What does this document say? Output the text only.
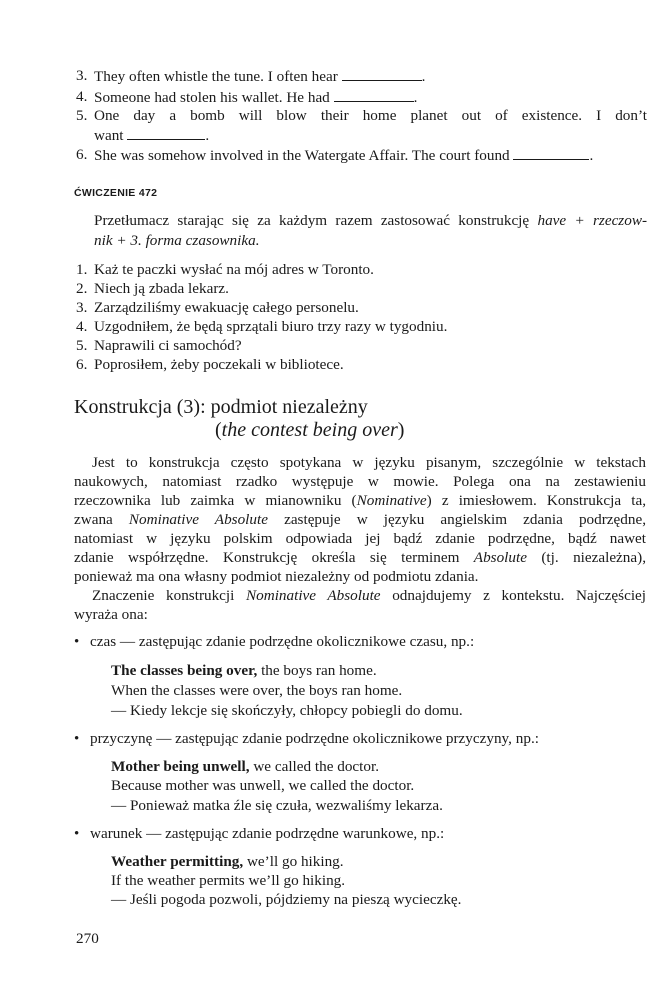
3. They often whistle the tune. I often hear	.
4. Someone had stolen his wallet. He had	.
5. One day a bomb will blow their home planet out of existence. I don’t
want	.
6. She was somehow involved in the Watergate Affair. The court found	.
ĆWICZENIE 472
Przetłumacz starając się za każdym razem zastosować konstrukcję have + rzeczow-
nik + 3. forma czasownika.
1. Każ te paczki wysłać na mój adres w Toronto.
2. Niech ją zbada lekarz.
3. Zarządziliśmy ewakuację całego personelu.
4. Uzgodniłem, że będą sprzątali biuro trzy razy w tygodniu.
5. Naprawili ci samochód?
6. Poprosiłem, żeby poczekali w bibliotece.
Konstrukcja (3): podmiot niezależny
(the contest being over)
Jest to konstrukcja często spotykana w języku pisanym, szczególnie w tekstach
naukowych, natomiast rzadko występuje w mowie. Polega ona na zestawieniu
rzeczownika lub zaimka w mianowniku (Nominative) z imiesłowem. Konstrukcja ta,
zwana Nominative Absolute zastępuje w języku angielskim zdania podrzędne,
natomiast w języku polskim odpowiada jej bądź zdanie podrzędne, bądź nawet
zdanie współrzędne. Konstrukcję określa się terminem Absolute (tj. niezależna),
ponieważ ma ona własny podmiot niezależny od podmiotu zdania.
Znaczenie konstrukcji Nominative Absolute odnajdujemy z kontekstu. Najczęściej
wyraża ona:
• czas — zastępując zdanie podrzędne okolicznikowe czasu, np.:
The classes being over, the boys ran home.
When the classes were over, the boys ran home.
— Kiedy lekcje się skończyły, chłopcy pobiegli do domu.
• przyczynę — zastępując zdanie podrzędne okolicznikowe przyczyny, np.:
Mother being unwell, we called the doctor.
Because mother was unwell, we called the doctor.
— Ponieważ matka źle się czuła, wezwaliśmy lekarza.
• warunek — zastępując zdanie podrzędne warunkowe, np.:
Weather permitting, we’ll go hiking.
If the weather permits we’ll go hiking.
— Jeśli pogoda pozwoli, pójdziemy na pieszą wycieczkę.
270
